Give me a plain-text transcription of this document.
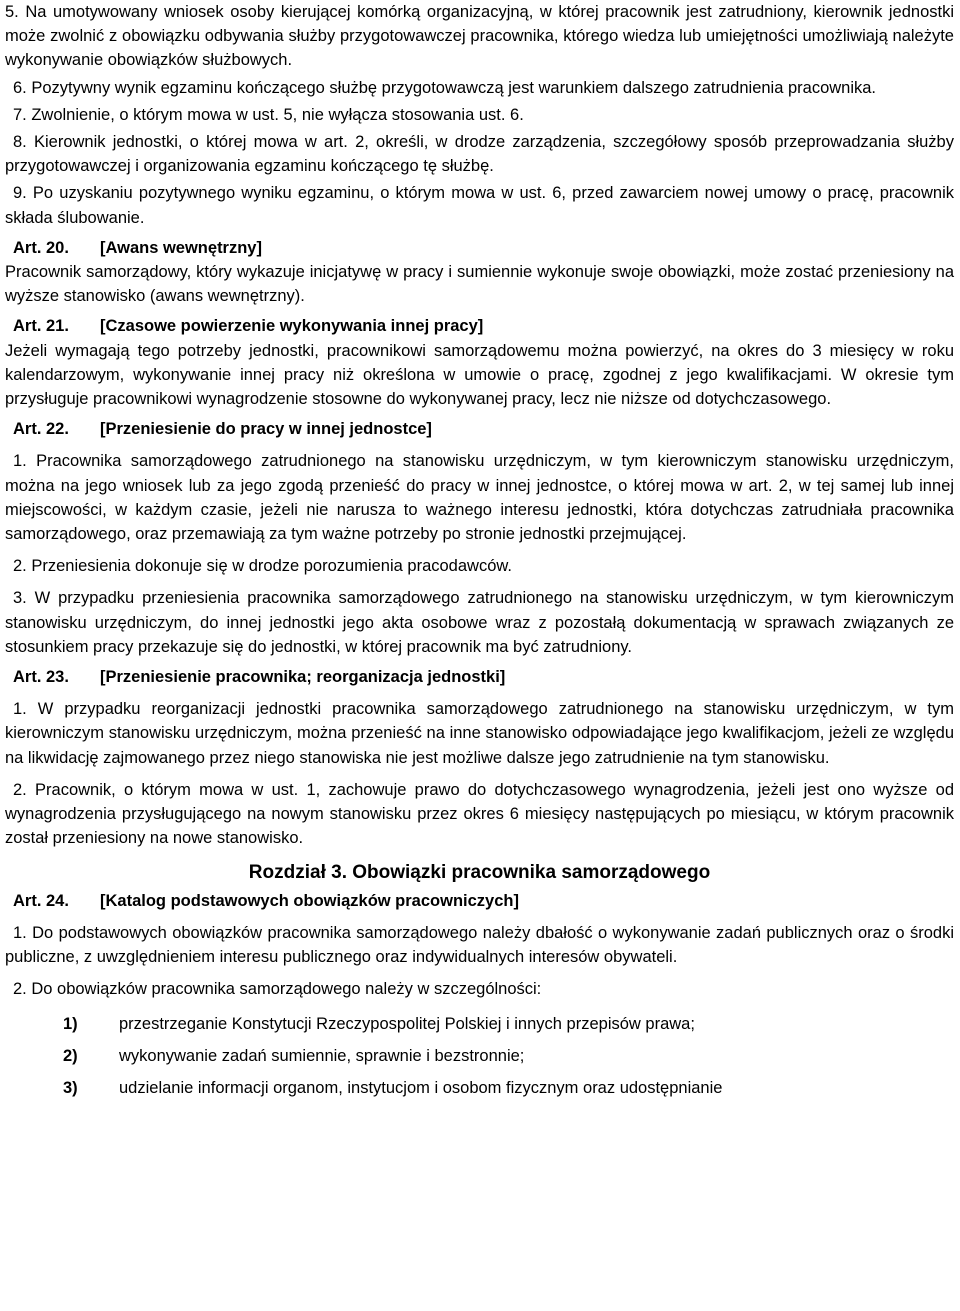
5. Na umotywowany wniosek osoby kierującej komórką organizacyjną, w której pracownik jest zatrudniony, kierownik jednostki może zwolnić z obowiązku odbywania służby przygotowawczej pracownika, którego wiedza lub umiejętności umożliwiają należyte wykonywanie obowiązków służbowych.

6. Pozytywny wynik egzaminu kończącego służbę przygotowawczą jest warunkiem dalszego zatrudnienia pracownika.

7. Zwolnienie, o którym mowa w ust. 5, nie wyłącza stosowania ust. 6.

8. Kierownik jednostki, o której mowa w art. 2, określi, w drodze zarządzenia, szczegółowy sposób przeprowadzania służby przygotowawczej i organizowania egzaminu kończącego tę służbę.

9. Po uzyskaniu pozytywnego wyniku egzaminu, o którym mowa w ust. 6, przed zawarciem nowej umowy o pracę, pracownik składa ślubowanie.

Art. 20. [Awans wewnętrzny]

Pracownik samorządowy, który wykazuje inicjatywę w pracy i sumiennie wykonuje swoje obowiązki, może zostać przeniesiony na wyższe stanowisko (awans wewnętrzny).

Art. 21. [Czasowe powierzenie wykonywania innej pracy]

Jeżeli wymagają tego potrzeby jednostki, pracownikowi samorządowemu można powierzyć, na okres do 3 miesięcy w roku kalendarzowym, wykonywanie innej pracy niż określona w umowie o pracę, zgodnej z jego kwalifikacjami. W okresie tym przysługuje pracownikowi wynagrodzenie stosowne do wykonywanej pracy, lecz nie niższe od dotychczasowego.

Art. 22. [Przeniesienie do pracy w innej jednostce]

1. Pracownika samorządowego zatrudnionego na stanowisku urzędniczym, w tym kierowniczym stanowisku urzędniczym, można na jego wniosek lub za jego zgodą przenieść do pracy w innej jednostce, o której mowa w art. 2, w tej samej lub innej miejscowości, w każdym czasie, jeżeli nie narusza to ważnego interesu jednostki, która dotychczas zatrudniała pracownika samorządowego, oraz przemawiają za tym ważne potrzeby po stronie jednostki przejmującej.

2. Przeniesienia dokonuje się w drodze porozumienia pracodawców.

3. W przypadku przeniesienia pracownika samorządowego zatrudnionego na stanowisku urzędniczym, w tym kierowniczym stanowisku urzędniczym, do innej jednostki jego akta osobowe wraz z pozostałą dokumentacją w sprawach związanych ze stosunkiem pracy przekazuje się do jednostki, w której pracownik ma być zatrudniony.

Art. 23. [Przeniesienie pracownika; reorganizacja jednostki]

1. W przypadku reorganizacji jednostki pracownika samorządowego zatrudnionego na stanowisku urzędniczym, w tym kierowniczym stanowisku urzędniczym, można przenieść na inne stanowisko odpowiadające jego kwalifikacjom, jeżeli ze względu na likwidację zajmowanego przez niego stanowiska nie jest możliwe dalsze jego zatrudnienie na tym stanowisku.

2. Pracownik, o którym mowa w ust. 1, zachowuje prawo do dotychczasowego wynagrodzenia, jeżeli jest ono wyższe od wynagrodzenia przysługującego na nowym stanowisku przez okres 6 miesięcy następujących po miesiącu, w którym pracownik został przeniesiony na nowe stanowisko.

Rozdział 3. Obowiązki pracownika samorządowego
Art. 24. [Katalog podstawowych obowiązków pracowniczych]

1. Do podstawowych obowiązków pracownika samorządowego należy dbałość o wykonywanie zadań publicznych oraz o środki publiczne, z uwzględnieniem interesu publicznego oraz indywidualnych interesów obywateli.

2. Do obowiązków pracownika samorządowego należy w szczególności:

1)	przestrzeganie Konstytucji Rzeczypospolitej Polskiej i innych przepisów prawa;
2)	wykonywanie zadań sumiennie, sprawnie i bezstronnie;
3)	udzielanie informacji organom, instytucjom i osobom fizycznym oraz udostępnianie
